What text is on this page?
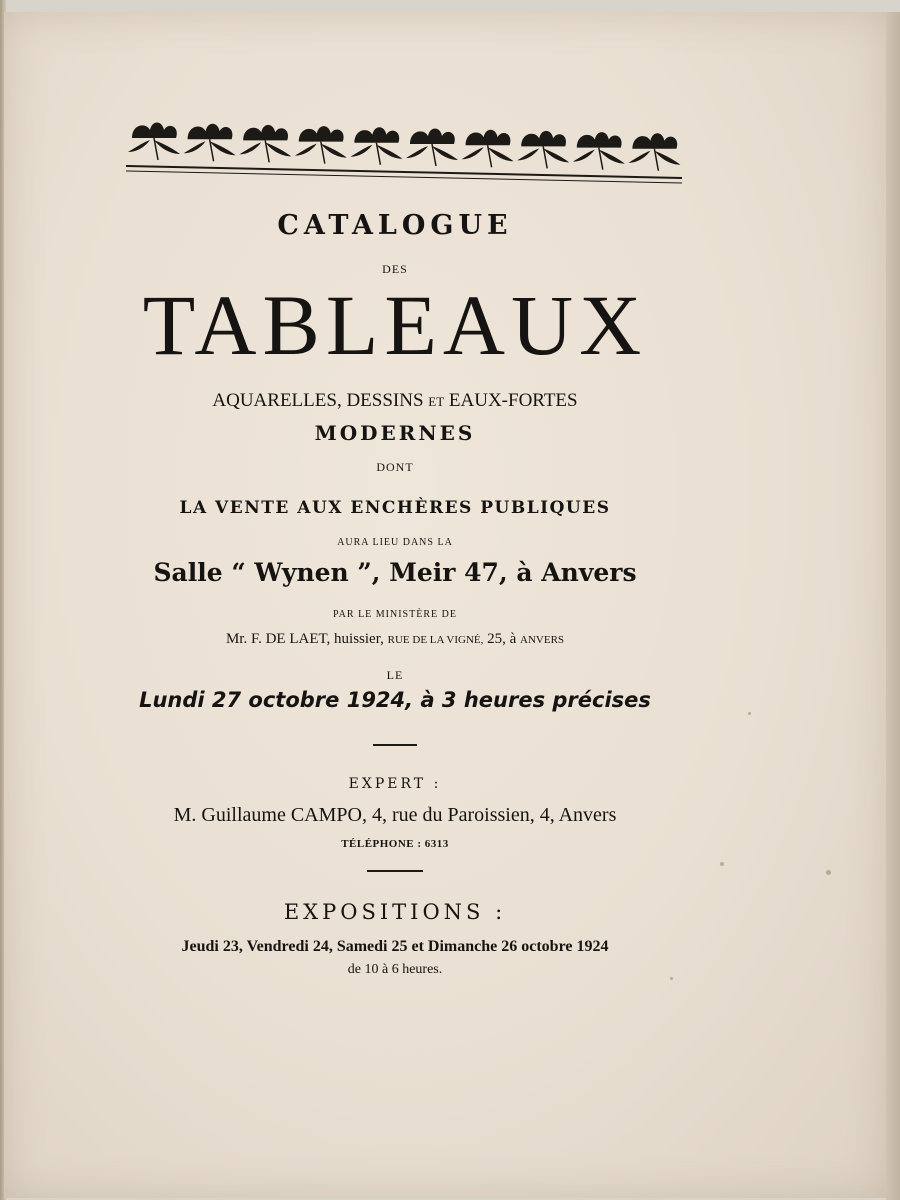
CATALOGUE
DES
TABLEAUX
AQUARELLES, DESSINS ET EAUX-FORTES
MODERNES
DONT
LA VENTE AUX ENCHÈRES PUBLIQUES
AURA LIEU DANS LA
Salle “ Wynen ”, Meir 47, à Anvers
PAR LE MINISTÈRE DE
Mr. F. DE LAET, huissier, RUE DE LA VIGNÉ, 25, à ANVERS
LE
Lundi 27 octobre 1924, à 3 heures précises
EXPERT :
M. Guillaume CAMPO, 4, rue du Paroissien, 4, Anvers
TÉLÉPHONE : 6313
EXPOSITIONS :
Jeudi 23, Vendredi 24, Samedi 25 et Dimanche 26 octobre 1924
de 10 à 6 heures.
